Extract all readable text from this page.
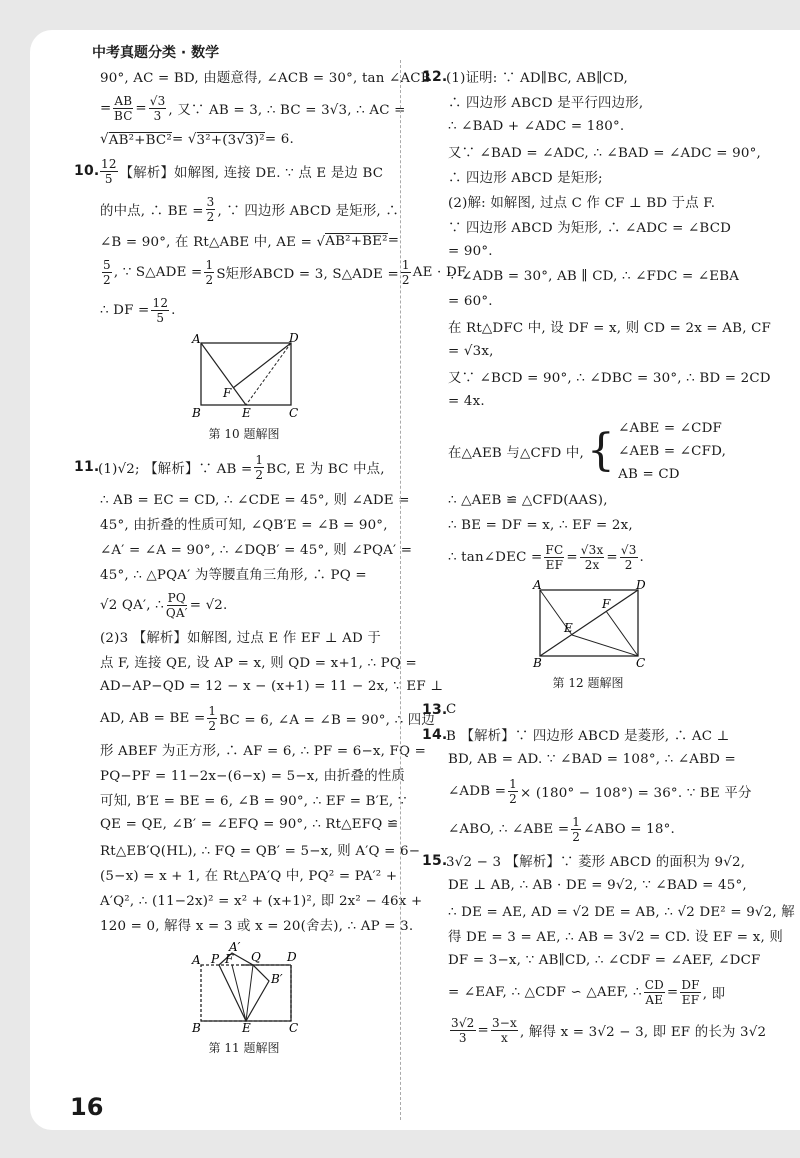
中考真题分类 · 数学
90°, AC = BD, 由题意得, ∠ACB = 30°, tan ∠ACB
= $\frac{AB}{BC} = \frac{√3}{3}$ , 又∵ AB = 3, ∴ BC = 3√3, ∴ AC =
√ AB²+BC² = √ 3²+(3√3)² = 6.
10. $\frac{12}{5}$ 【解析】如解图, 连接 DE. ∵ 点 E 是边 BC
的中点, ∴ BE = $\frac{3}{2}$ , ∵ 四边形 ABCD 是矩形, ∴
∠B = 90°, 在 Rt△ABE 中, AE = √ AB²+BE² =
$\frac{5}{2}$ , ∵ S△ADE = $\frac{1}{2}$ S矩形ABCD = 3, S△ADE = $\frac{1}{2}$ AE · DF,
∴ DF = $\frac{12}{5}$ .
A	D
F
B	E	C
第 10 题解图
11.
(1)√2; 【解析】∵ AB = $\frac{1}{2}$ BC, E 为 BC 中点,
∴ AB = EC = CD, ∴ ∠CDE = 45°, 则 ∠ADE =
45°, 由折叠的性质可知, ∠QB′E = ∠B = 90°,
∠A′ = ∠A = 90°, ∴ ∠DQB′ = 45°, 则 ∠PQA′ =
45°, ∴ △PQA′ 为等腰直角三角形, ∴ PQ =
√2 QA′, ∴ $\frac{PQ}{QA'} = √2$.
(2)3 【解析】如解图, 过点 E 作 EF ⊥ AD 于
点 F, 连接 QE, 设 AP = x, 则 QD = x+1, ∴ PQ =
AD−AP−QD = 12 − x − (x+1) = 11 − 2x, ∵ EF ⊥
AD, AB = BE = $\frac{1}{2}$ BC = 6, ∠A = ∠B = 90°, ∴ 四边
形 ABEF 为正方形, ∴ AF = 6, ∴ PF = 6−x, FQ =
PQ−PF = 11−2x−(6−x) = 5−x, 由折叠的性质
可知, B′E = BE = 6, ∠B = 90°, ∴ EF = B′E, ∵
QE = QE, ∠B′ = ∠EFQ = 90°, ∴ Rt△EFQ ≌
Rt△EB′Q(HL), ∴ FQ = QB′ = 5−x, 则 A′Q = 6−
(5−x) = x + 1, 在 Rt△PA′Q 中, PQ² = PA′² +
A′Q², ∴ (11−2x)² = x² + (x+1)², 即 2x² − 46x +
120 = 0, 解得 x = 3 或 x = 20(舍去), ∴ AP = 3.
A′
A P F Q D
B′
B	E	C
第 11 题解图
12.
(1)证明: ∵ AD∥BC, AB∥CD,
∴ 四边形 ABCD 是平行四边形,
∴ ∠BAD + ∠ADC = 180°.
又∵ ∠BAD = ∠ADC, ∴ ∠BAD = ∠ADC = 90°,
∴ 四边形 ABCD 是矩形;
(2)解: 如解图, 过点 C 作 CF ⊥ BD 于点 F.
∵ 四边形 ABCD 为矩形, ∴ ∠ADC = ∠BCD
= 90°.
∵ ∠ADB = 30°, AB ∥ CD, ∴ ∠FDC = ∠EBA
= 60°.
在 Rt△DFC 中, 设 DF = x, 则 CD = 2x = AB, CF
= √3x,
又∵ ∠BCD = 90°, ∴ ∠DBC = 30°, ∴ BD = 2CD
= 4x.
在△AEB 与△CFD 中, { ∠ABE = ∠CDF
∠AEB = ∠CFD,
AB = CD
∴ △AEB ≌ △CFD(AAS),
∴ BE = DF = x, ∴ EF = 2x,
∴ tan∠DEC = $\frac{FC}{EF} = \frac{√3x}{2x} = \frac{√3}{2}$ .
A	D
F
E
B	C
第 12 题解图
13.
C
14.
B 【解析】∵ 四边形 ABCD 是菱形, ∴ AC ⊥
BD, AB = AD. ∵ ∠BAD = 108°, ∴ ∠ABD =
∠ADB = $\frac{1}{2} \times (180^\circ - 108^\circ) = 36^\circ$. ∵ BE 平分
∠ABO, ∴ ∠ABE = $\frac{1}{2}$ ∠ABO = 18°.
15.
3√2 − 3 【解析】∵ 菱形 ABCD 的面积为 9√2,
DE ⊥ AB, ∴ AB · DE = 9√2, ∵ ∠BAD = 45°,
∴ DE = AE, AD = √2 DE = AB, ∴ √2 DE² = 9√2, 解
得 DE = 3 = AE, ∴ AB = 3√2 = CD. 设 EF = x, 则
DF = 3−x, ∵ AB∥CD, ∴ ∠CDF = ∠AEF, ∠DCF
= ∠EAF, ∴ △CDF ∽ △AEF, ∴ $\frac{CD}{AE} = \frac{DF}{EF}$ , 即
$\frac{3√2}{3} = \frac{3-x}{x}$ , 解得 x = 3√2 − 3, 即 EF 的长为 3√2
16
